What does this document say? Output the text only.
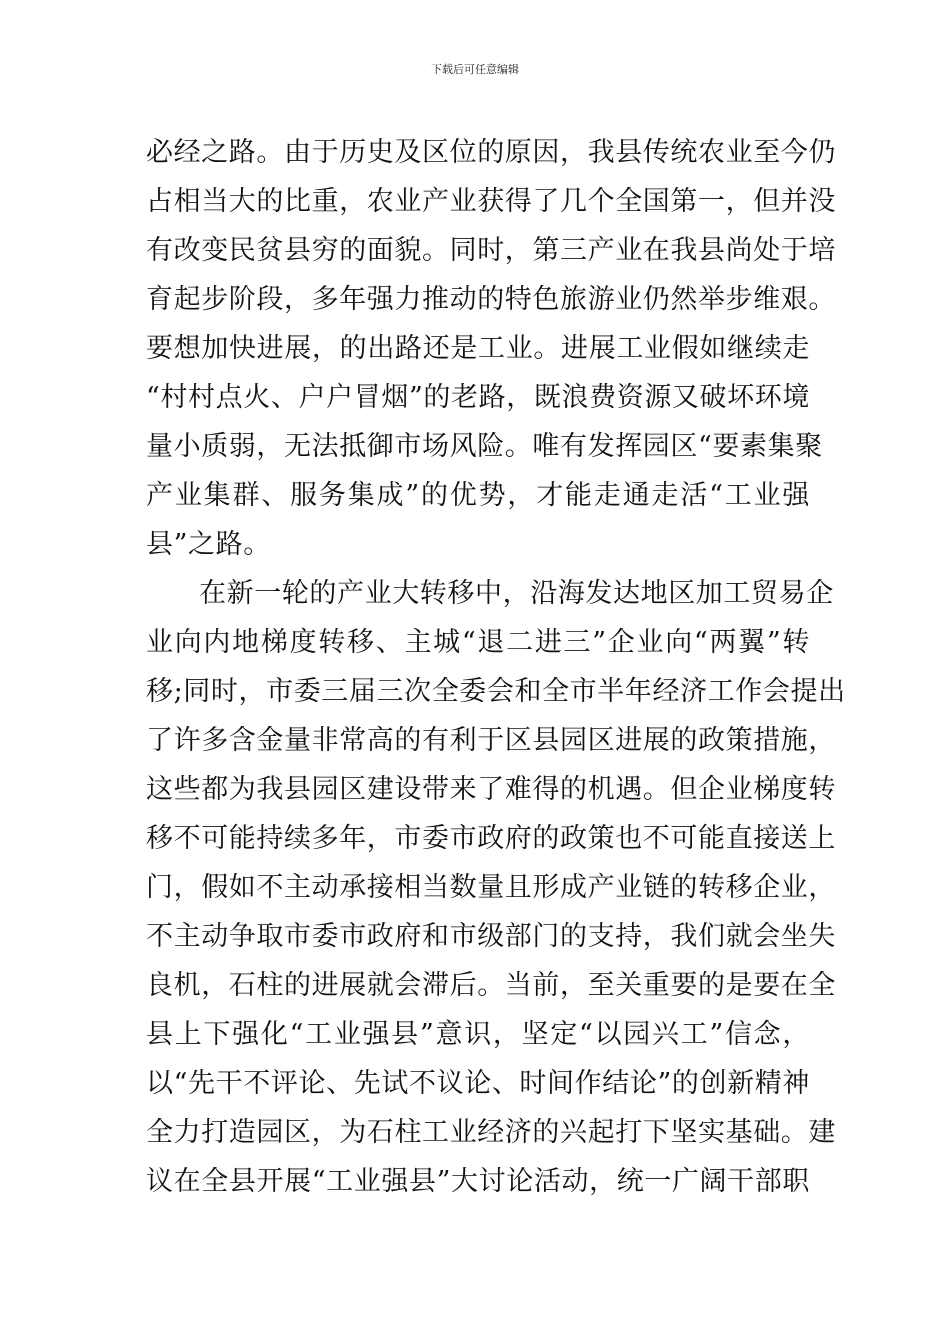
下载后可任意编辑
必经之路。由于历史及区位的原因，我县传统农业至今仍
占相当大的比重，农业产业获得了几个全国第一，但并没
有改变民贫县穷的面貌。同时，第三产业在我县尚处于培
育起步阶段，多年强力推动的特色旅游业仍然举步维艰。
要想加快进展，的出路还是工业。进展工业假如继续走
“村村点火、户户冒烟”的老路，既浪费资源又破坏环境
量小质弱，无法抵御市场风险。唯有发挥园区“要素集聚
产业集群、服务集成”的优势，才能走通走活“工业强
县”之路。
在新一轮的产业大转移中，沿海发达地区加工贸易企
业向内地梯度转移、主城“退二进三”企业向“两翼”转
移;同时，市委三届三次全委会和全市半年经济工作会提出
了许多含金量非常高的有利于区县园区进展的政策措施，
这些都为我县园区建设带来了难得的机遇。但企业梯度转
移不可能持续多年，市委市政府的政策也不可能直接送上
门，假如不主动承接相当数量且形成产业链的转移企业，
不主动争取市委市政府和市级部门的支持，我们就会坐失
良机，石柱的进展就会滞后。当前，至关重要的是要在全
县上下强化“工业强县”意识，坚定“以园兴工”信念，
以“先干不评论、先试不议论、时间作结论”的创新精神
全力打造园区，为石柱工业经济的兴起打下坚实基础。建
议在全县开展“工业强县”大讨论活动，统一广阔干部职
